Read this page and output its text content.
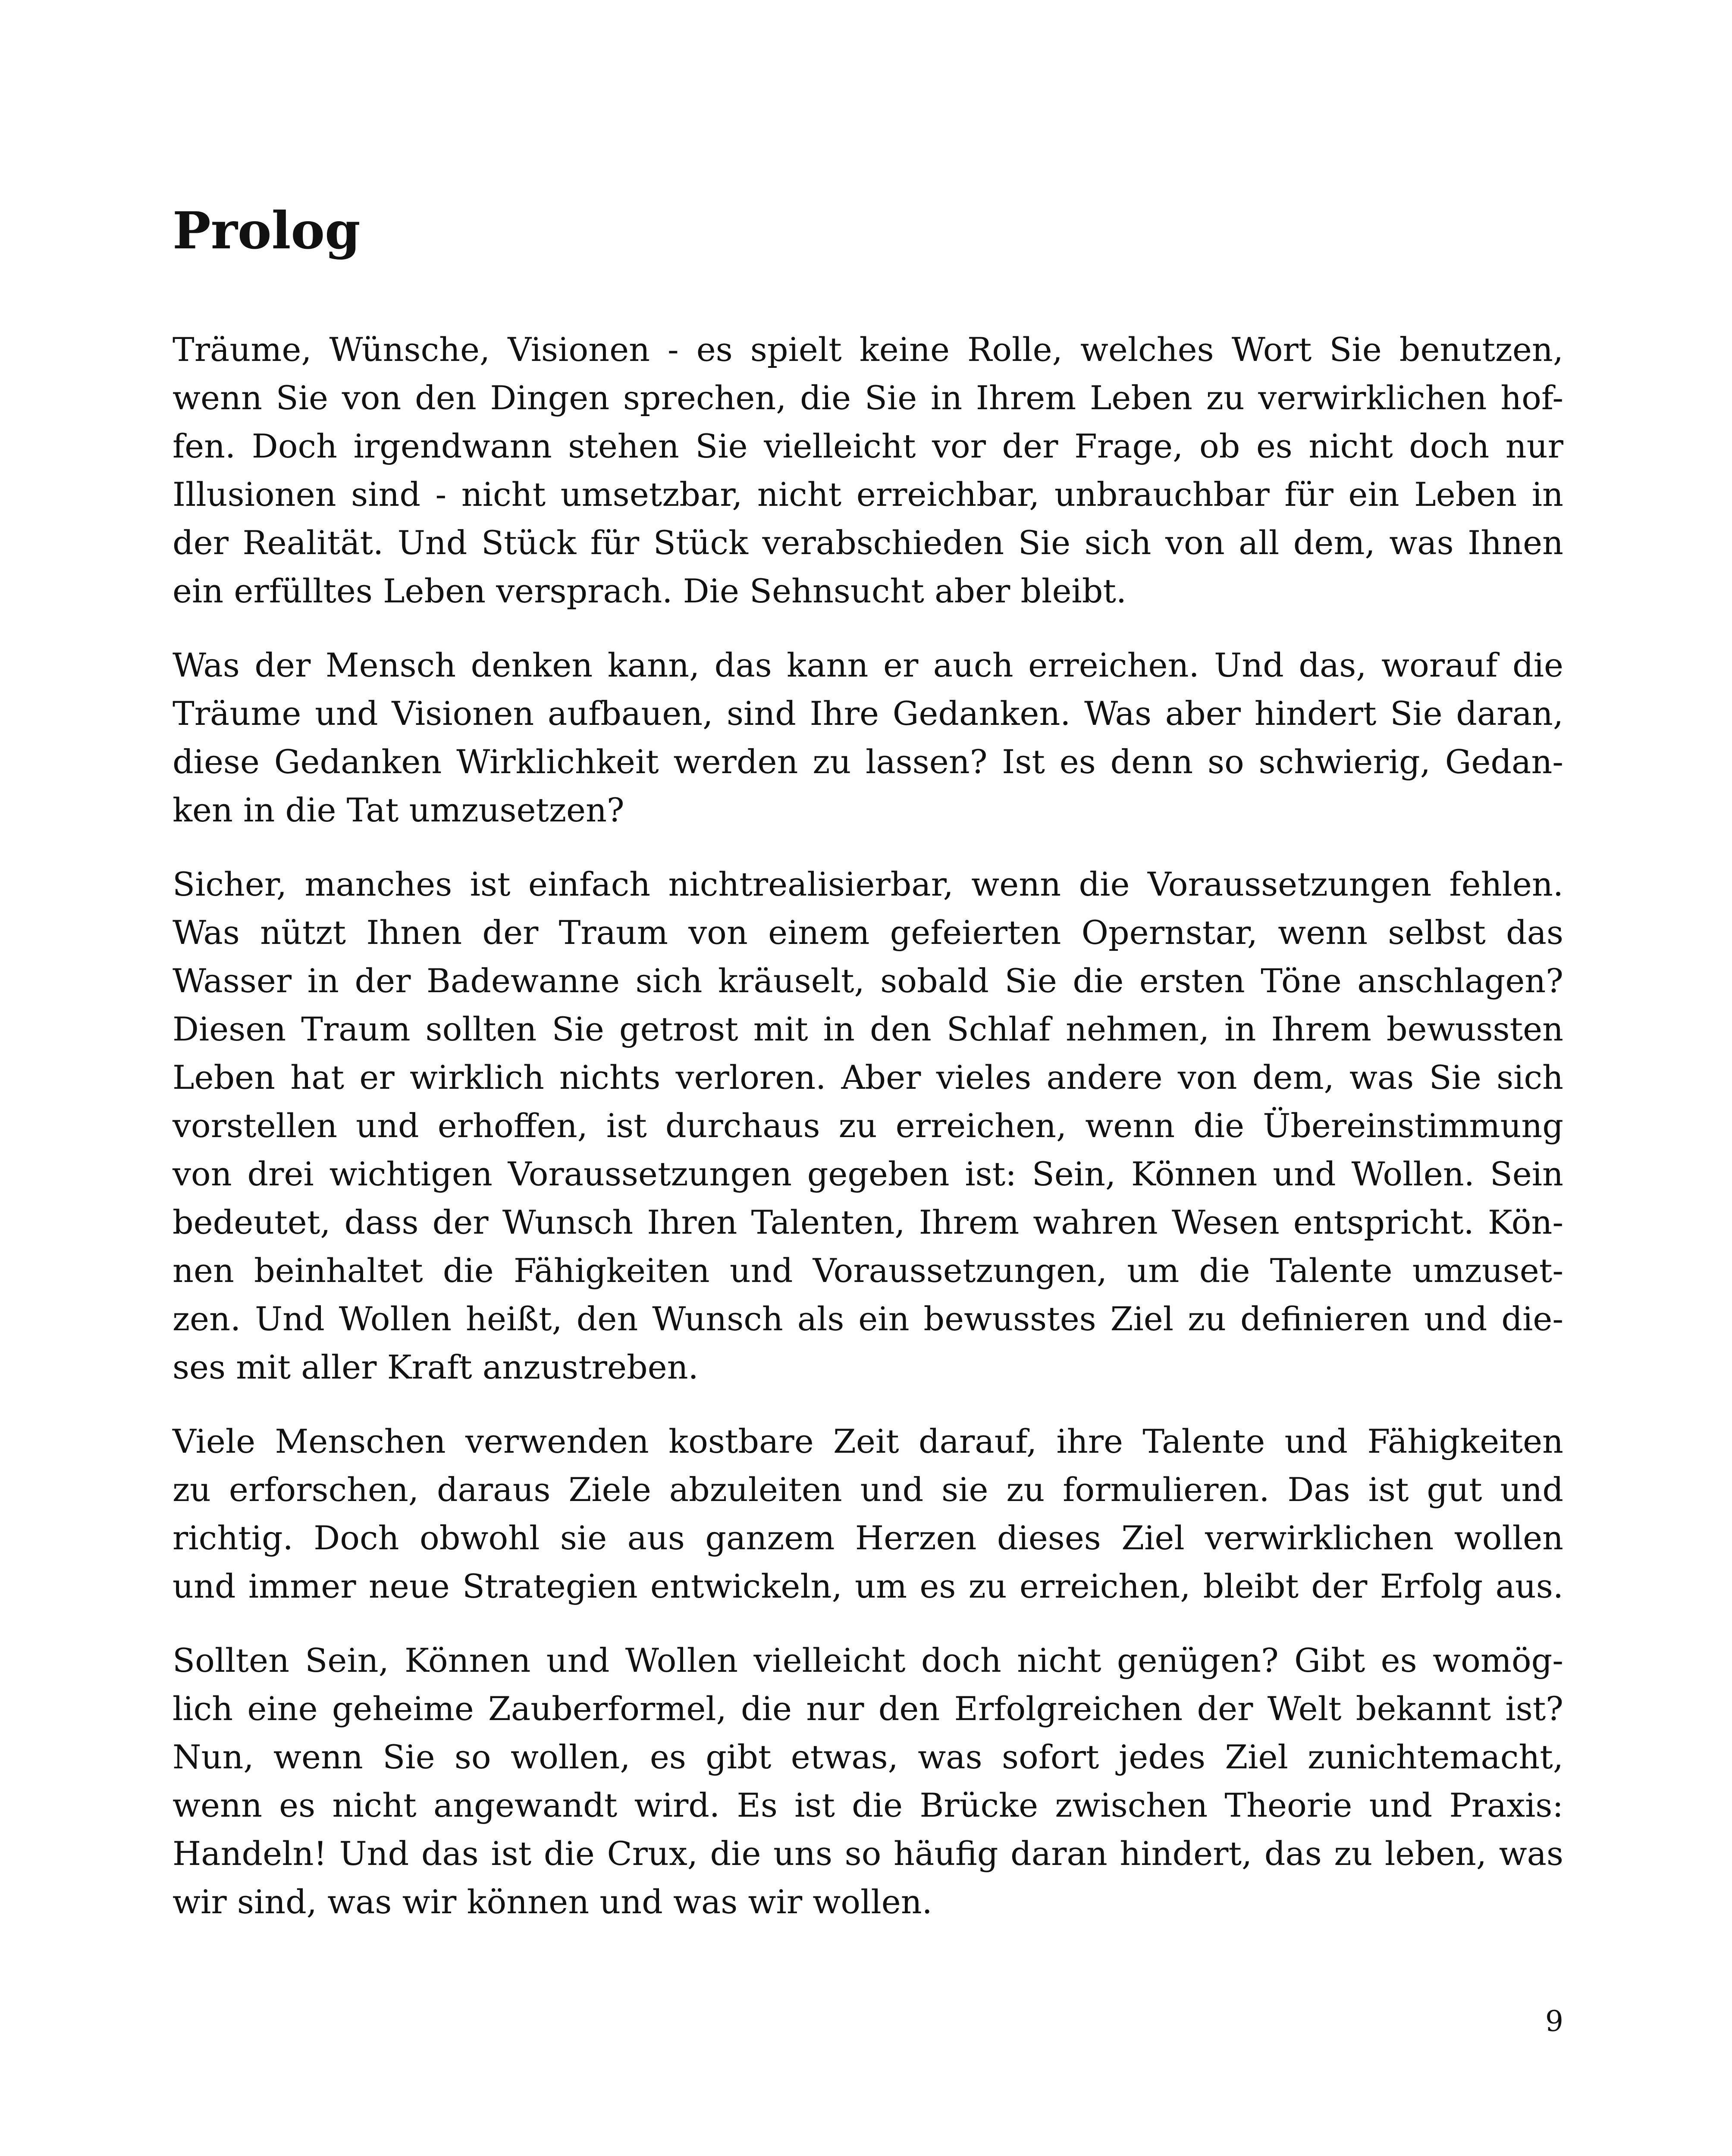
Prolog
Träume, Wünsche, Visionen - es spielt keine Rolle, welches Wort Sie benutzen,
wenn Sie von den Dingen sprechen, die Sie in Ihrem Leben zu verwirklichen hof-
fen. Doch irgendwann stehen Sie vielleicht vor der Frage, ob es nicht doch nur
Illusionen sind - nicht umsetzbar, nicht erreichbar, unbrauchbar für ein Leben in
der Realität. Und Stück für Stück verabschieden Sie sich von all dem, was Ihnen
ein erfülltes Leben versprach. Die Sehnsucht aber bleibt.
Was der Mensch denken kann, das kann er auch erreichen. Und das, worauf die
Träume und Visionen aufbauen, sind Ihre Gedanken. Was aber hindert Sie daran,
diese Gedanken Wirklichkeit werden zu lassen? Ist es denn so schwierig, Gedan-
ken in die Tat umzusetzen?
Sicher, manches ist einfach nichtrealisierbar, wenn die Voraussetzungen fehlen.
Was nützt Ihnen der Traum von einem gefeierten Opernstar, wenn selbst das
Wasser in der Badewanne sich kräuselt, sobald Sie die ersten Töne anschlagen?
Diesen Traum sollten Sie getrost mit in den Schlaf nehmen, in Ihrem bewussten
Leben hat er wirklich nichts verloren. Aber vieles andere von dem, was Sie sich
vorstellen und erhoffen, ist durchaus zu erreichen, wenn die Übereinstimmung
von drei wichtigen Voraussetzungen gegeben ist: Sein, Können und Wollen. Sein
bedeutet, dass der Wunsch Ihren Talenten, Ihrem wahren Wesen entspricht. Kön-
nen beinhaltet die Fähigkeiten und Voraussetzungen, um die Talente umzuset-
zen. Und Wollen heißt, den Wunsch als ein bewusstes Ziel zu definieren und die-
ses mit aller Kraft anzustreben.
Viele Menschen verwenden kostbare Zeit darauf, ihre Talente und Fähigkeiten
zu erforschen, daraus Ziele abzuleiten und sie zu formulieren. Das ist gut und
richtig. Doch obwohl sie aus ganzem Herzen dieses Ziel verwirklichen wollen
und immer neue Strategien entwickeln, um es zu erreichen, bleibt der Erfolg aus.
Sollten Sein, Können und Wollen vielleicht doch nicht genügen? Gibt es womög-
lich eine geheime Zauberformel, die nur den Erfolgreichen der Welt bekannt ist?
Nun, wenn Sie so wollen, es gibt etwas, was sofort jedes Ziel zunichtemacht,
wenn es nicht angewandt wird. Es ist die Brücke zwischen Theorie und Praxis:
Handeln! Und das ist die Crux, die uns so häufig daran hindert, das zu leben, was
wir sind, was wir können und was wir wollen.
9
